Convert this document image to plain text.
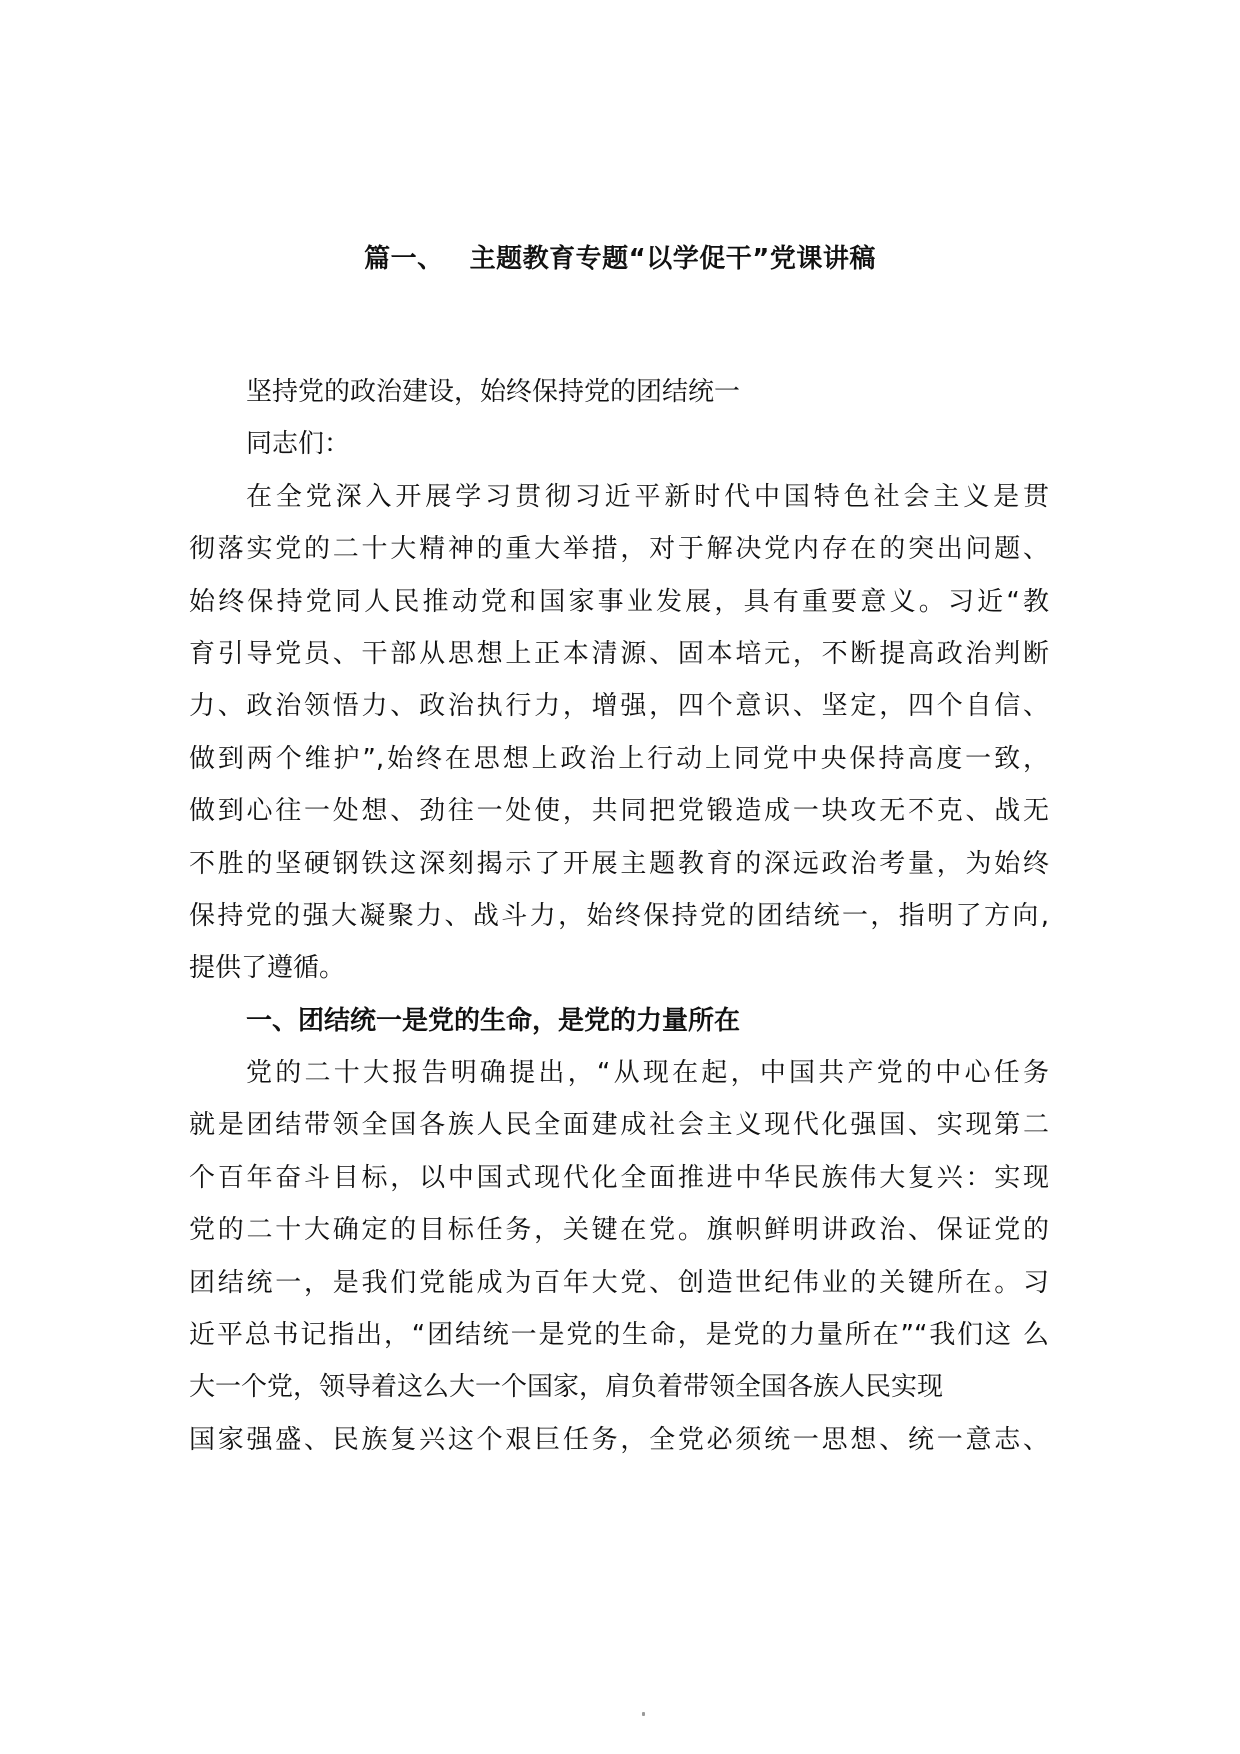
篇一、 主题教育专题“以学促干”党课讲稿
坚持党的政治建设，始终保持党的团结统一
同志们：
在全党深入开展学习贯彻习近平新时代中国特色社会主义是贯
彻落实党的二十大精神的重大举措，对于解决党内存在的突出问题、
始终保持党同人民推动党和国家事业发展，具有重要意义。习近“教
育引导党员、干部从思想上正本清源、固本培元，不断提高政治判断
力、政治领悟力、政治执行力，增强，四个意识、坚定，四个自信、
做到两个维护”,始终在思想上政治上行动上同党中央保持高度一致，
做到心往一处想、劲往一处使，共同把党锻造成一块攻无不克、战无
不胜的坚硬钢铁这深刻揭示了开展主题教育的深远政治考量，为始终
保持党的强大凝聚力、战斗力，始终保持党的团结统一，指明了方向,
提供了遵循。
一、团结统一是党的生命，是党的力量所在
党的二十大报告明确提出，“从现在起，中国共产党的中心任务
就是团结带领全国各族人民全面建成社会主义现代化强国、实现第二
个百年奋斗目标，以中国式现代化全面推进中华民族伟大复兴：实现
党的二十大确定的目标任务，关键在党。旗帜鲜明讲政治、保证党的
团结统一，是我们党能成为百年大党、创造世纪伟业的关键所在。习
近平总书记指出，“团结统一是党的生命，是党的力量所在”“我们这 么
大一个党，领导着这么大一个国家，肩负着带领全国各族人民实现
国家强盛、民族复兴这个艰巨任务，全党必须统一思想、统一意志、
